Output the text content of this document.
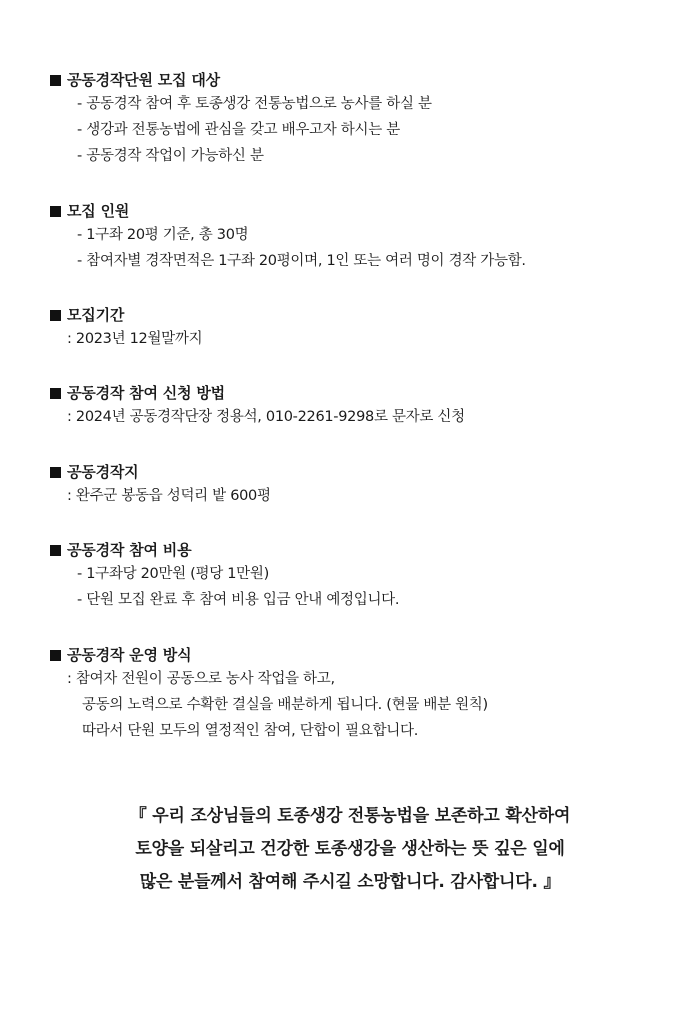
공동경작단원 모집 대상
- 공동경작 참여 후 토종생강 전통농법으로 농사를 하실 분
- 생강과 전통농법에 관심을 갖고 배우고자 하시는 분
- 공동경작 작업이 가능하신 분
모집 인원
- 1구좌 20평 기준, 총 30명
- 참여자별 경작면적은 1구좌 20평이며, 1인 또는 여러 명이 경작 가능함.
모집기간
: 2023년 12월말까지
공동경작 참여 신청 방법
: 2024년 공동경작단장 정용석, 010-2261-9298로 문자로 신청
공동경작지
: 완주군 봉동읍 성덕리 밭 600평
공동경작 참여 비용
- 1구좌당 20만원 (평당 1만원)
- 단원 모집 완료 후 참여 비용 입금 안내 예정입니다.
공동경작 운영 방식
: 참여자 전원이 공동으로 농사 작업을 하고,
공동의 노력으로 수확한 결실을 배분하게 됩니다. (현물 배분 원칙)
따라서 단원 모두의 열정적인 참여, 단합이 필요합니다.
『 우리 조상님들의 토종생강 전통농법을 보존하고 확산하여
토양을 되살리고 건강한 토종생강을 생산하는 뜻 깊은 일에
많은 분들께서 참여해 주시길 소망합니다. 감사합니다. 』
